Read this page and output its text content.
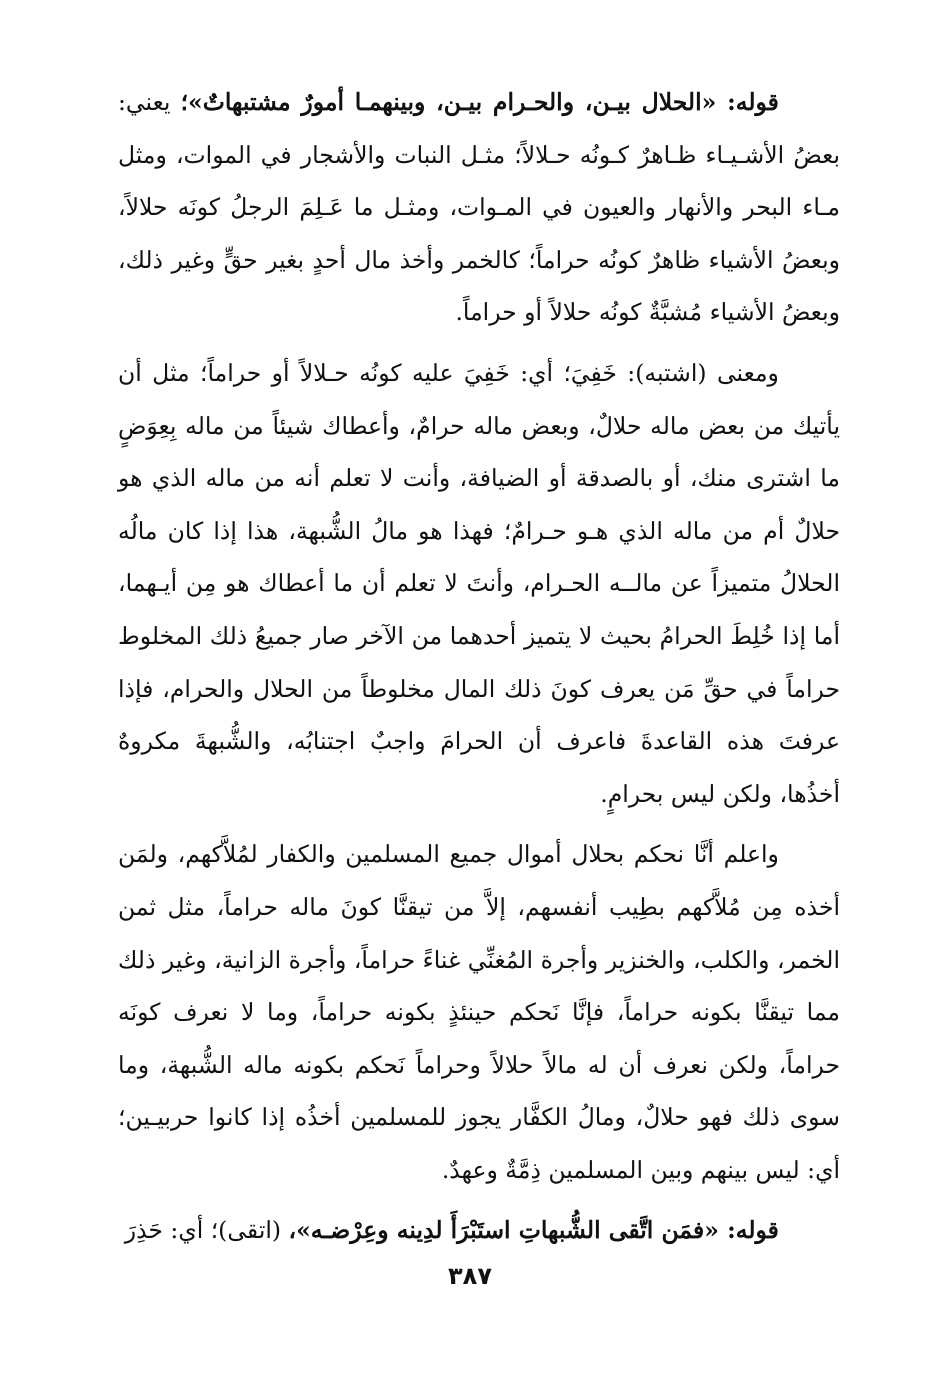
قوله: «الحلال بيـن، والحـرام بيـن، وبينهمـا أمورٌ مشتبهاتٌ»؛ يعني: بعضُ الأشـيـاء ظـاهرٌ كـونُه حـلالاً؛ مثـل النبات والأشجار في الموات، ومثل مـاء البحر والأنهار والعيون في المـوات، ومثـل ما عَـلِمَ الرجلُ كونَه حلالاً، وبعضُ الأشياء ظاهرٌ كونُه حراماً؛ كالخمر وأخذ مال أحدٍ بغير حقٍّ وغير ذلك، وبعضُ الأشياء مُشبَّةٌ كونُه حلالاً أو حراماً.

ومعنى (اشتبه): خَفِيَ؛ أي: خَفِيَ عليه كونُه حـلالاً أو حراماً؛ مثل أن يأتيك من بعض ماله حلالٌ، وبعض ماله حرامٌ، وأعطاك شيئاً من ماله بِعِوَضٍ ما اشترى منك، أو بالصدقة أو الضيافة، وأنت لا تعلم أنه من ماله الذي هو حلالٌ أم من ماله الذي هـو حـرامٌ؛ فهذا هو مالُ الشُّبهة، هذا إذا كان مالُه الحلالُ متميزاً عن مالــه الحـرام، وأنتَ لا تعلم أن ما أعطاك هو مِن أيـهما، أما إذا خُلِطَ الحرامُ بحيث لا يتميز أحدهما من الآخر صار جميعُ ذلك المخلوط حراماً في حقِّ مَن يعرف كونَ ذلك المال مخلوطاً من الحلال والحرام، فإذا عرفتَ هذه القاعدةَ فاعرف أن الحرامَ واجبٌ اجتنابُه، والشُّبهةَ مكروهٌ أخذُها، ولكن ليس بحرامٍ.

واعلم أنَّا نحكم بحلال أموال جميع المسلمين والكفار لمُلاَّكهم، ولمَن أخذه مِن مُلاَّكهم بطِيب أنفسهم، إلاَّ من تيقنَّا كونَ ماله حراماً، مثل ثمن الخمر، والكلب، والخنزير وأجرة المُغنِّي غناءً حراماً، وأجرة الزانية، وغير ذلك مما تيقنَّا بكونه حراماً، فإنَّا نَحكم حينئذٍ بكونه حراماً، وما لا نعرف كونَه حراماً، ولكن نعرف أن له مالاً حلالاً وحراماً نَحكم بكونه ماله الشُّبهة، وما سوى ذلك فهو حلالٌ، ومالُ الكفَّار يجوز للمسلمين أخذُه إذا كانوا حربيـين؛ أي: ليس بينهم وبين المسلمين ذِمَّةٌ وعهدٌ.

قوله: «فمَن اتَّقى الشُّبهاتِ استَبْرَأَ لدِينه وعِرْضـه»، (اتقى)؛ أي: حَذِرَ

٣٨٧
